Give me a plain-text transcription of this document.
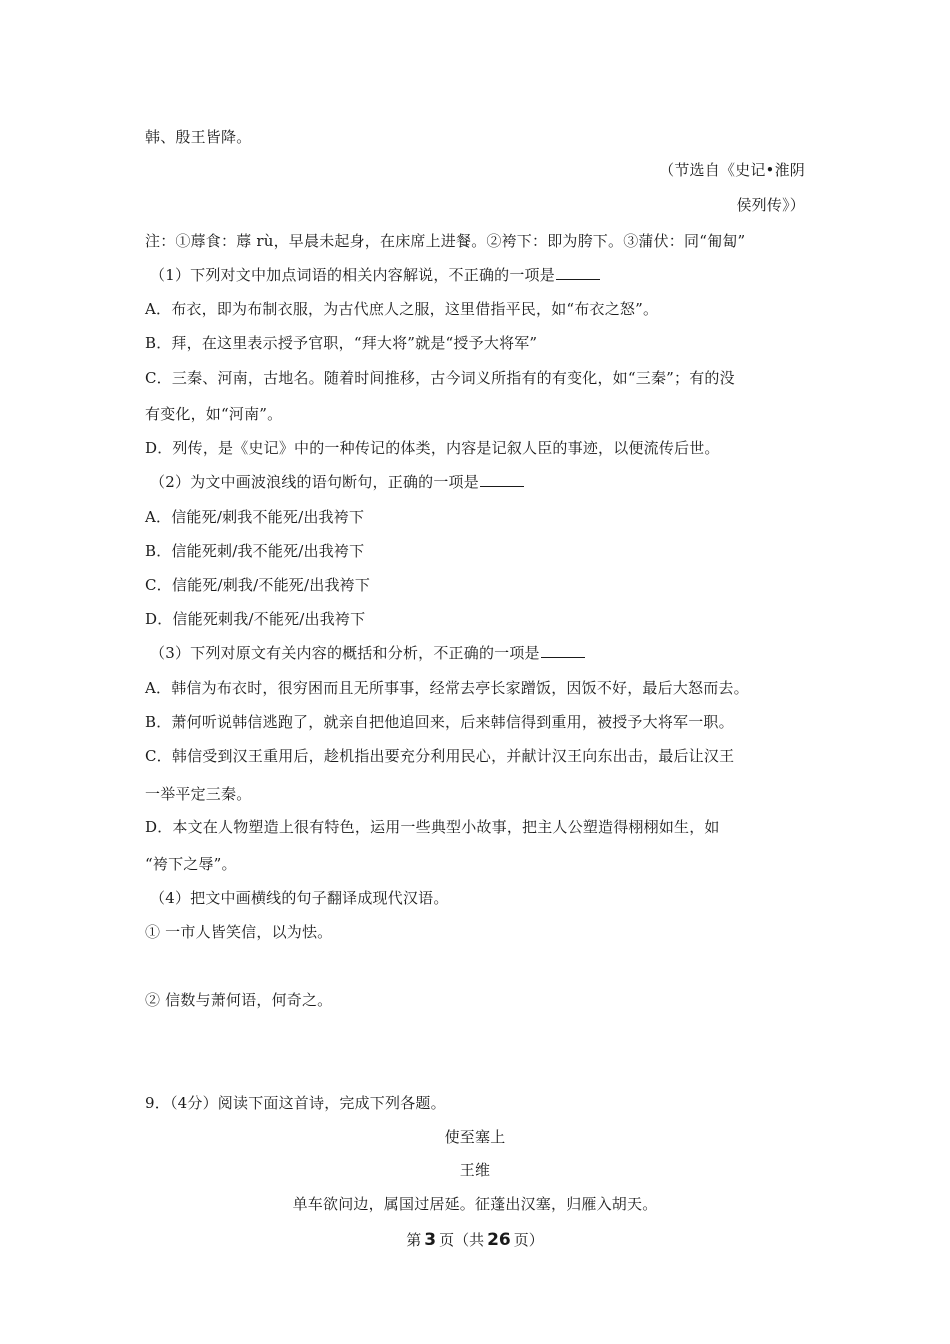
韩、殷王皆降。
（节选自《史记•淮阴
侯列传》）
注：①蓐食：蓐 rù，早晨未起身，在床席上进餐。②袴下：即为胯下。③蒲伏：同“匍匐”
（1）下列对文中加点词语的相关内容解说，不正确的一项是
A．布衣，即为布制衣服，为古代庶人之服，这里借指平民，如“布衣之怒”。
B．拜，在这里表示授予官职，“拜大将”就是“授予大将军”
C．三秦、河南，古地名。随着时间推移，古今词义所指有的有变化，如“三秦”；有的没
有变化，如“河南”。
D．列传，是《史记》中的一种传记的体类，内容是记叙人臣的事迹，以便流传后世。
（2）为文中画波浪线的语句断句，正确的一项是
A．信能死/刺我不能死/出我袴下
B．信能死刺/我不能死/出我袴下
C．信能死/刺我/不能死/出我袴下
D．信能死刺我/不能死/出我袴下
（3）下列对原文有关内容的概括和分析，不正确的一项是
A．韩信为布衣时，很穷困而且无所事事，经常去亭长家蹭饭，因饭不好，最后大怒而去。
B．萧何听说韩信逃跑了，就亲自把他追回来，后来韩信得到重用，被授予大将军一职。
C．韩信受到汉王重用后，趁机指出要充分利用民心，并献计汉王向东出击，最后让汉王
一举平定三秦。
D．本文在人物塑造上很有特色，运用一些典型小故事，把主人公塑造得栩栩如生，如
“袴下之辱”。
（4）把文中画横线的句子翻译成现代汉语。
① 一市人皆笑信，以为怯。
② 信数与萧何语，何奇之。
9．（4分）阅读下面这首诗，完成下列各题。
使至塞上
王维
单车欲问边，属国过居延。征蓬出汉塞，归雁入胡天。
第 3 页（共 26 页）
